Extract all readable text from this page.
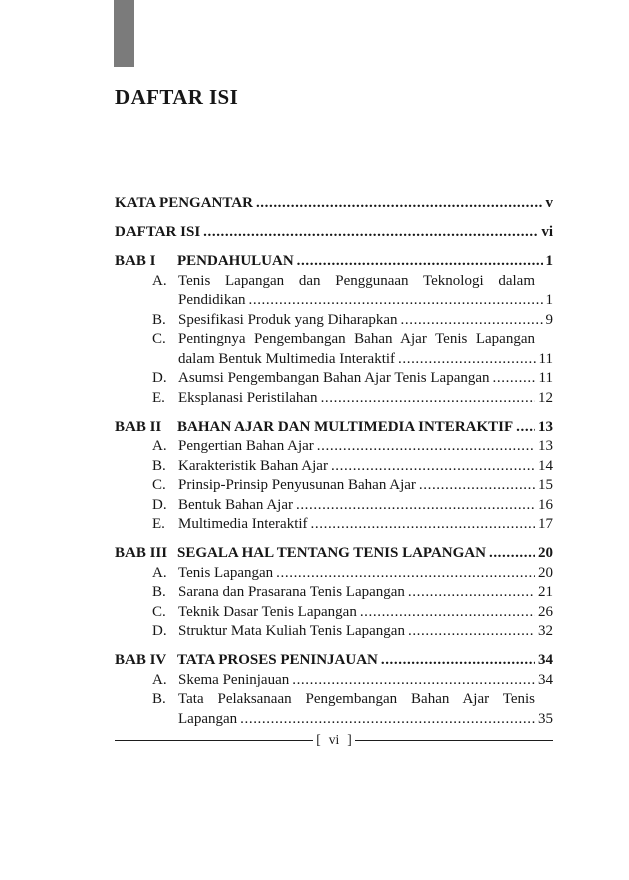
DAFTAR ISI
KATA PENGANTAR .....	v
DAFTAR ISI .....	vi
BAB I	PENDAHULUAN .....	1
A. Tenis Lapangan dan Penggunaan Teknologi dalam
Pendidikan .....	1
B. Spesifikasi Produk yang Diharapkan .....	9
C. Pentingnya Pengembangan Bahan Ajar Tenis Lapangan
dalam Bentuk Multimedia Interaktif .....	11
D. Asumsi Pengembangan Bahan Ajar Tenis Lapangan .....	11
E. Eksplanasi Peristilahan .....	12
BAB II	BAHAN AJAR DAN MULTIMEDIA INTERAKTIF ..... 13
A. Pengertian Bahan Ajar .....	13
B. Karakteristik Bahan Ajar .....	14
C. Prinsip-Prinsip Penyusunan Bahan Ajar .....	15
D. Bentuk Bahan Ajar .....	16
E. Multimedia Interaktif .....	17
BAB III SEGALA HAL TENTANG TENIS LAPANGAN .....	20
A. Tenis Lapangan .....	20
B. Sarana dan Prasarana Tenis Lapangan .....	21
C. Teknik Dasar Tenis Lapangan .....	26
D. Struktur Mata Kuliah Tenis Lapangan .....	32
BAB IV TATA PROSES PENINJAUAN .....	34
A. Skema Peninjauan .....	34
B. Tata Pelaksanaan Pengembangan Bahan Ajar Tenis
Lapangan .....	35
[ vi ]
